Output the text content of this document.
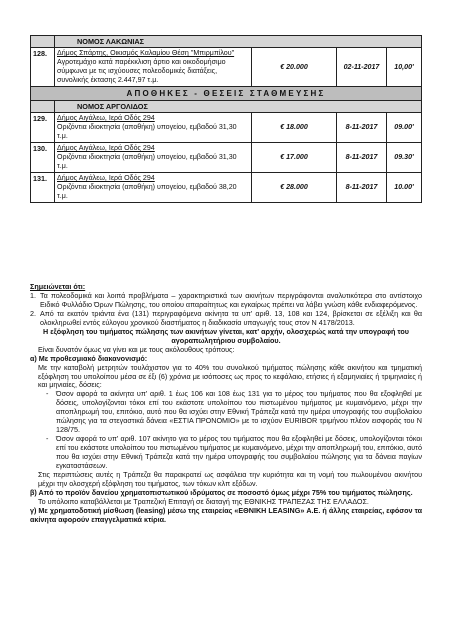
	ΝΟΜΟΣ ΛΑΚΩΝΙΑΣ			
128.	Δήμος Σπάρτης, Οικισμός Καλαμίου Θέση "Μπιρμπίλου"
Αγροτεμάχιο κατά παρέκκλιση άρτιο και οικοδομήσιμο σύμφωνα με τις ισχύουσες πολεοδομικές διατάξεις, συνολικής έκτασης 2.447,97 τ.μ.	€ 20.000	02-11-2017	10,00'
ΑΠΟΘΗΚΕΣ - ΘΕΣΕΙΣ ΣΤΑΘΜΕΥΣΗΣ				
	ΝΟΜΟΣ ΑΡΓΟΛΙΔΟΣ			
129.	Δήμος Αιγάλεω, Ιερά Οδός 294
Οριζόντια ιδιοκτησία (αποθήκη) υπογείου, εμβαδού 31,30 τ.μ.	€ 18.000	8-11-2017	09.00'
130.	Δήμος Αιγάλεω, Ιερά Οδός 294
Οριζόντια ιδιοκτησία (αποθήκη) υπογείου, εμβαδού 31,30 τ.μ.	€ 17.000	8-11-2017	09.30'
131.	Δήμος Αιγάλεω, Ιερά Οδός 294
Οριζόντια ιδιοκτησία (αποθήκη) υπογείου, εμβαδού 38,20 τ.μ.	€ 28.000	8-11-2017	10.00'

Σημειώνεται ότι:

1. Τα πολεοδομικά και λοιπά προβλήματα – χαρακτηριστικά των ακινήτων περιγράφονται αναλυτικότερα στο αντίστοιχο Ειδικό Φυλλάδιο Όρων Πώλησης, του οποίου απαραίτητως και εγκαίρως πρέπει να λάβει γνώση κάθε ενδιαφερόμενος.

2. Από τα εκατόν τριάντα ένα (131) περιγραφόμενα ακίνητα τα υπ' αριθ. 13, 108 και 124, βρίσκεται σε εξέλιξη και θα ολοκληρωθεί εντός εύλογου χρονικού διαστήματος η διαδικασία υπαγωγής τους στον Ν 4178/2013.

Η εξόφληση του τιμήματος πώλησης των ακινήτων γίνεται, κατ' αρχήν, ολοσχερώς κατά την υπογραφή του αγοραπωλητήριου συμβολαίου.

Είναι δυνατόν όμως να γίνει και με τους ακόλουθους τρόπους:

α) Με προθεσμιακό διακανονισμό:

Με την καταβολή μετρητών τουλάχιστον για το 40% του συνολικού τιμήματος πώλησης κάθε ακινήτου και τμηματική εξόφληση του υπολοίπου μέσα σε έξι (6) χρόνια με ισόποσες ως προς το κεφάλαιο, ετήσιες ή εξαμηνιαίες ή τριμηνιαίες ή και μηνιαίες, δόσεις:

- Όσον αφορά τα ακίνητα υπ' αριθ. 1 έως 106 και 108 έως 131 για το μέρος του τιμήματος που θα εξοφληθεί με δόσεις, υπολογίζονται τόκοι επί του εκάστοτε υπολοίπου του πιστωμένου τιμήματος με κυμαινόμενο, μέχρι την αποπληρωμή του, επιτόκιο, αυτό που θα ισχύει στην Εθνική Τράπεζα κατά την ημέρα υπογραφής του συμβολαίου πώλησης για τα στεγαστικά δάνεια «ΕΣΤΙΑ ΠΡΟΝΟΜΙΟ» με το ισχύον EURIBOR τριμήνου πλέον εισφοράς του Ν 128/75.

- Όσον αφορά το υπ' αριθ. 107 ακίνητο για το μέρος του τιμήματος που θα εξοφληθεί με δόσεις, υπολογίζονται τόκοι επί του εκάστοτε υπολοίπου του πιστωμένου τιμήματος με κυμαινόμενο, μέχρι την αποπληρωμή του, επιτόκιο, αυτό που θα ισχύει στην Εθνική Τράπεζα κατά την ημέρα υπογραφής του συμβολαίου πώλησης για τα δάνεια παγίων εγκαταστάσεων.

Στις περιπτώσεις αυτές η Τράπεζα θα παρακρατεί ως ασφάλεια την κυριότητα και τη νομή του πωλουμένου ακινήτου μέχρι την ολοσχερή εξόφληση του τιμήματος, των τόκων κλπ εξόδων.

β) Από το προϊόν δανείου χρηματοπιστωτικού ιδρύματος σε ποσοστό όμως μέχρι 75% του τιμήματος πώλησης.

Το υπόλοιπο καταβάλλεται με Τραπεζική Επιταγή σε διαταγή της ΕΘΝΙΚΗΣ ΤΡΑΠΕΖΑΣ ΤΗΣ ΕΛΛΑΔΟΣ.

γ) Με χρηματοδοτική μίσθωση (leasing) μέσω της εταιρείας «ΕΘΝΙΚΗ LEASING» Α.Ε. ή άλλης εταιρείας, εφόσον τα ακίνητα αφορούν επαγγελματικά κτίρια.
